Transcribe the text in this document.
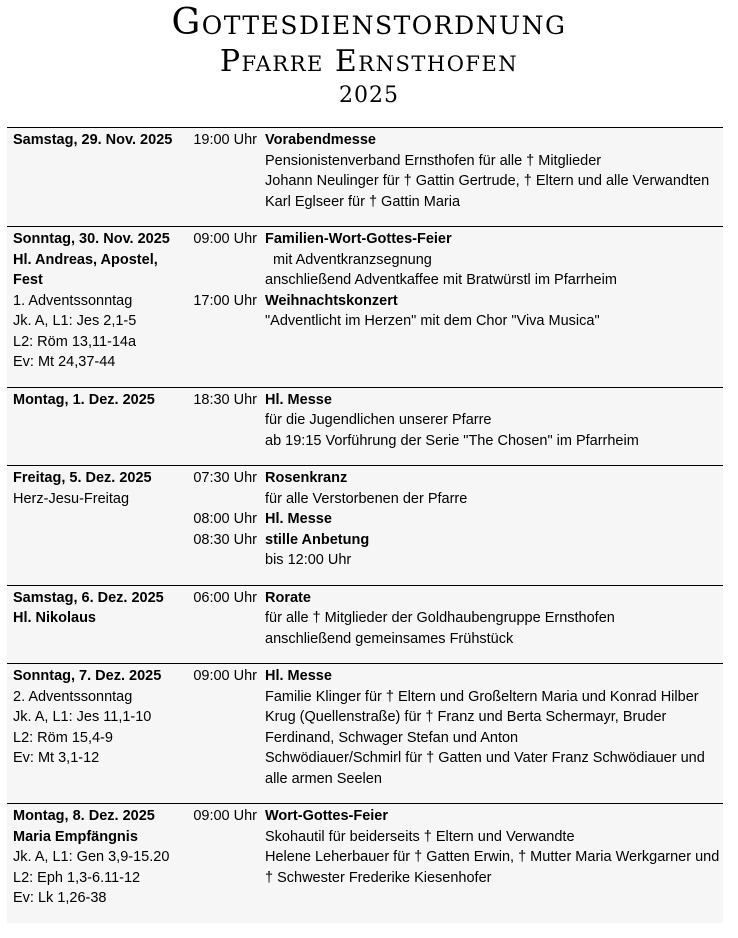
Gottesdienstordnung
Pfarre Ernsthofen
2025
Samstag, 29. Nov. 2025	19:00 Uhr Vorabendmesse
Pensionistenverband Ernsthofen für alle † Mitglieder
Johann Neulinger für † Gattin Gertrude, † Eltern und alle Verwandten
Karl Eglseer für † Gattin Maria
Sonntag, 30. Nov. 2025
Hl. Andreas, Apostel,
Fest
1. Adventssonntag
Jk. A, L1: Jes 2,1-5
L2: Röm 13,11-14a
Ev: Mt 24,37-44
09:00 Uhr
17:00 Uhr
Familien-Wort-Gottes-Feier
mit Adventkranzsegnung
anschließend Adventkaffee mit Bratwürstl im Pfarrheim
Weihnachtskonzert
"Adventlicht im Herzen" mit dem Chor "Viva Musica"
Montag, 1. Dez. 2025	18:30 Uhr Hl. Messe
für die Jugendlichen unserer Pfarre
ab 19:15 Vorführung der Serie "The Chosen" im Pfarrheim
Freitag, 5. Dez. 2025
Herz-Jesu-Freitag
07:30 Uhr
08:00 Uhr
08:30 Uhr
Rosenkranz
für alle Verstorbenen der Pfarre
Hl. Messe
stille Anbetung
bis 12:00 Uhr
Samstag, 6. Dez. 2025
Hl. Nikolaus
06:00 Uhr Rorate
für alle † Mitglieder der Goldhaubengruppe Ernsthofen
anschließend gemeinsames Frühstück
Sonntag, 7. Dez. 2025
2. Adventssonntag
Jk. A, L1: Jes 11,1-10
L2: Röm 15,4-9
Ev: Mt 3,1-12
09:00 Uhr Hl. Messe
Familie Klinger für † Eltern und Großeltern Maria und Konrad Hilber
Krug (Quellenstraße) für † Franz und Berta Schermayr, Bruder
Ferdinand, Schwager Stefan und Anton
Schwödiauer/Schmirl für † Gatten und Vater Franz Schwödiauer und
alle armen Seelen
Montag, 8. Dez. 2025
Maria Empfängnis
Jk. A, L1: Gen 3,9-15.20
L2: Eph 1,3-6.11-12
Ev: Lk 1,26-38
09:00 Uhr Wort-Gottes-Feier
Skohautil für beiderseits † Eltern und Verwandte
Helene Leherbauer für † Gatten Erwin, † Mutter Maria Werkgarner und
† Schwester Frederike Kiesenhofer
